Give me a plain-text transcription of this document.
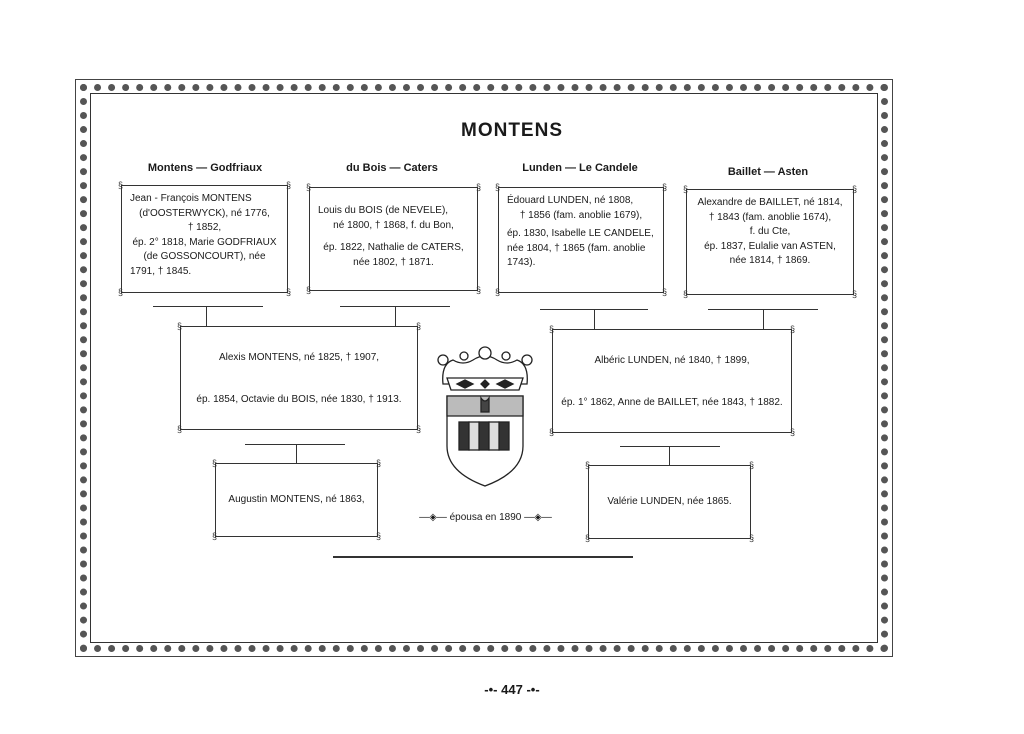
MONTENS
Montens — Godfriaux	du Bois — Caters	Lunden — Le Candele	Baillet — Asten
§	§
§	§

Jean - François MONTENS

(d'OOSTERWYCK), né 1776,

† 1852,

ép. 2° 1818, Marie GODFRIAUX

(de GOSSONCOURT), née

1791, † 1845.

§	§
§	§

Louis du BOIS (de NEVELE),

né 1800, † 1868, f. du Bon,

ép. 1822, Nathalie de CATERS,

née 1802, † 1871.

§	§
§	§

Édouard LUNDEN, né 1808,

† 1856 (fam. anoblie 1679),

ép. 1830, Isabelle LE CANDELE,

née 1804, † 1865 (fam. anoblie

1743).

§	§
§	§

Alexandre de BAILLET, né 1814,

† 1843 (fam. anoblie 1674),

f. du Cte,

ép. 1837, Eulalie van ASTEN,

née 1814, † 1869.

§	§
§	§

Alexis MONTENS, né 1825, † 1907,

ép. 1854, Octavie du BOIS, née 1830, † 1913.

§	§
§	§

Albéric LUNDEN, né 1840, † 1899,

ép. 1° 1862, Anne de BAILLET, née 1843, † 1882.

§	§
§	§

Augustin MONTENS, né 1863,

§	§
§	§

Valérie LUNDEN, née 1865.

—◈— épousa en 1890 —◈—
-•- 447 -•-
